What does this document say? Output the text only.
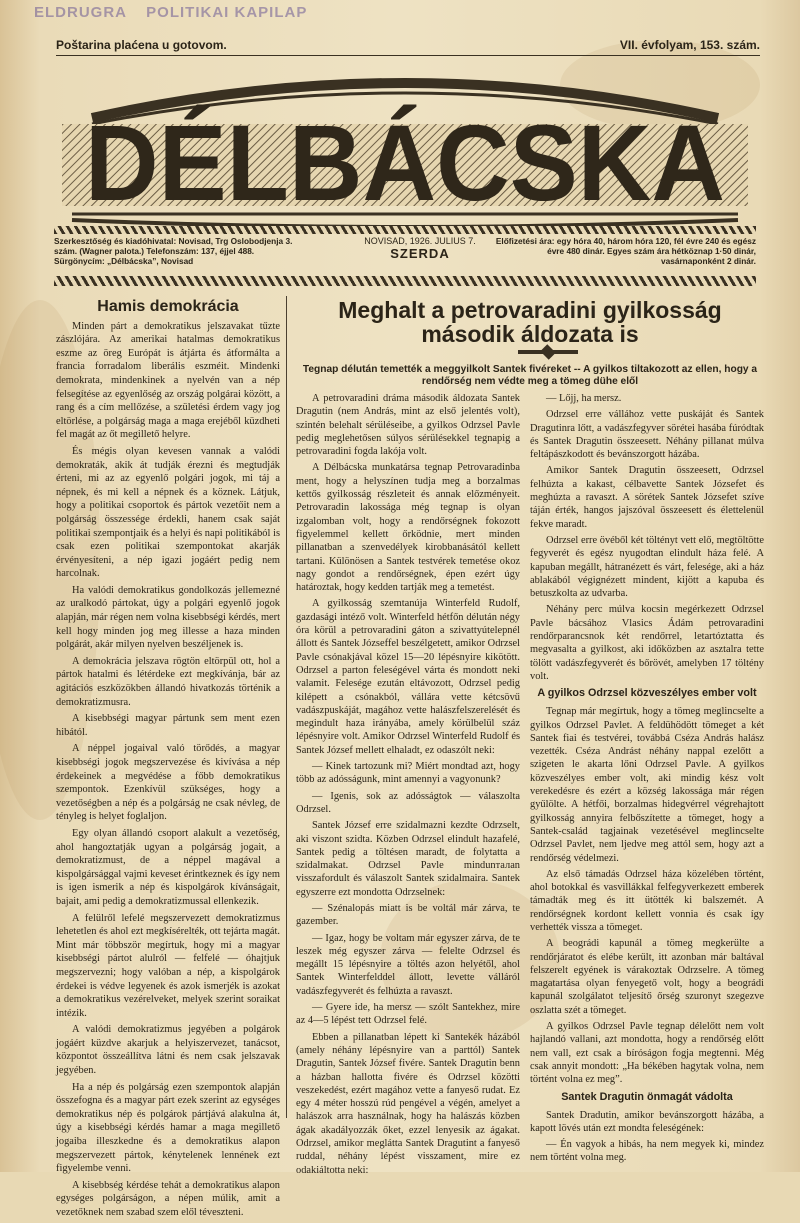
ELDRUGRA POLITIKAI KAPILAP
Poštarina plaćena u gotovom.	VII. évfolyam, 153. szám.
DÉLBÁCSKA
Szerkesztőség és kiadóhivatal: Novisad, Trg Oslobodjenja 3. szám. (Wagner palota.) Telefonszám: 137, éjjel 488. Sürgönycím: „Délbácska”, Novisad
NOVISAD, 1926. JULIUS 7.
SZERDA
Előfizetési ára: egy hóra 40, három hóra 120, fél évre 240 és egész évre 480 dinár. Egyes szám ára hétköznap 1·50 dinár, vasárnaponként 2 dinár.
Hamis demokrácia

Minden párt a demokratikus jelszavakat tűzte zászlójára. Az amerikai hatalmas demokratikus eszme az öreg Európát is átjárta és átformálta a francia forradalom liberális eszméit. Mindenki demokrata, mindenkinek a nyelvén van a nép felsegítése az egyenlőség az ország polgárai között, a rang és a cím mellőzése, a születési érdem vagy jog eltörlése, a polgárság maga a maga erejéből küzdheti fel magát az őt megillető helyre.

És mégis olyan kevesen vannak a valódi demokraták, akik át tudják érezni és megtudják érteni, mi az az egyenlő polgári jogok, mi táj a népnek, és mi kell a népnek és a köznek. Látjuk, hogy a politikai csoportok és pártok vezetőit nem a polgárság összessége érdekli, hanem csak saját politikai szempontjaik és a helyi és napi politikából is csak ezen politikai szempontokat akarják érvényesíteni, a nép igazi jogáért pedig nem harcolnak.

Ha valódi demokratikus gondolkozás jellemezné az uralkodó pártokat, úgy a polgári egyenlő jogok alapján, már régen nem volna kisebbségi kérdés, mert kell hogy minden jog meg illesse a haza minden polgárát, akár milyen nyelven beszéljenek is.

A demokrácia jelszava rögtön eltörpül ott, hol a pártok hatalmi és létérdeke ezt megkívánja, bár az agitációs eszközökben állandó hivatkozás történik a demokratizmusra.

A kisebbségi magyar pártunk sem ment ezen hibától.

A néppel jogaival való törődés, a magyar kisebbségi jogok megszervezése és kivívása a nép érdekeinek a megvédése a főbb demokratikus szempontok. Ezenkívül szükséges, hogy a vezetőségben a nép és a polgárság ne csak névleg, de tényleg is helyet foglaljon.

Egy olyan állandó csoport alakult a vezetőség, ahol hangoztatják ugyan a polgárság jogait, a demokratizmust, de a néppel magával a kispolgársággal vajmi keveset érintkeznek és így nem is igen ismerik a nép és kispolgárok kívánságait, bajait, ami pedig a demokratizmussal ellenkezik.

A felülről lefelé megszervezett demokratizmus lehetetlen és ahol ezt megkísérelték, ott tejárta magát. Mint már többször megírtuk, hogy mi a magyar kisebbségi pártot alulról — felfelé — óhajtjuk megszervezni; hogy valóban a nép, a kispolgárok érdekei is védve legyenek és azok ismerjék is azokat a demokratikus vezérelveket, melyek szerint soraikat intézik.

A valódi demokratizmus jegyében a polgárok jogáért küzdve akarjuk a helyiszervezet, tanácsot, központot összeállítva látni és nem csak jelszavak jegyében.

Ha a nép és polgárság ezen szempontok alapján összefogna és a magyar párt ezek szerint az egységes demokratikus nép és polgárok pártjává alakulna át, úgy a kisebbségi kérdés hamar a maga megillető jogaiba illeszkedne és a demokratikus alapon megszervezett pártok, kénytelenek lennének ezt figyelembe venni.

A kisebbség kérdése tehát a demokratikus alapon egységes polgárságon, a népen múlik, amit a vezetőknek nem szabad szem elől téveszteni.

Meghalt a petrovaradini gyilkosság
második áldozata is
Tegnap délután temették a meggyilkolt Santek fivéreket -- A gyilkos tiltakozott az ellen, hogy a rendőrség nem védte meg a tömeg dühe elől

A petrovaradini dráma második áldozata Santek Dragutin (nem András, mint az első jelentés volt), szintén belehalt sérüléseibe, a gyilkos Odrzsel Pavle pedig meglehetősen súlyos sérülésekkel tegnapig a petrovaradini fogda lakója volt.

A Délbácska munkatársa tegnap Petrovaradinba ment, hogy a helyszínen tudja meg a borzalmas kettős gyilkosság részleteit és annak előzményeit. Petrovaradin lakossága még tegnap is olyan izgalomban volt, hogy a rendőrségnek fokozott figyelemmel kellett őrködnie, mert minden pillanatban a szenvedélyek kirobbanásától kellett tartani. Különösen a Santek testvérek temetése okoz nagy gondot a rendőrségnek, épen ezért úgy határoztak, hogy kedden tartják meg a temetést.

A gyilkosság szemtanúja Winterfeld Rudolf, gazdasági intéző volt. Winterfeld hétfőn délután négy óra körül a petrovaradini gáton a szivattyútelepnél állott és Santek Józseffel beszélgetett, amikor Odrzsel Pavle csónakjával közel 15—20 lépésnyire kikötött. Odrzsel a parton feleségével várta és mondott neki valamit. Felesége ezután eltávozott, Odrzsel pedig kilépett a csónakból, vállára vette kétcsövű vadászpuskáját, magához vette halászfelszerelését és megindult haza irányába, amely körülbelül száz lépésnyire volt. Amikor Odrzsel Winterfeld Rudolf és Santek József mellett elhaladt, ez odaszólt neki:

— Kinek tartozunk mi? Miért mondtad azt, hogy több az adósságunk, mint amennyi a vagyonunk?

— Igenis, sok az adósságtok — válaszolta Odrzsel.

Santek József erre szidalmazni kezdte Odrzselt, aki viszont szidta. Közben Odrzsel elindult hazafelé, Santek pedig a töltésen maradt, de folytatta a szidalmakat. Odrzsel Pavle mindunталan visszafordult és válaszolt Santek szidalmaira. Santek egyszerre ezt mondotta Odrzselnek:

— Szénalopás miatt is be voltál már zárva, te gazember.

— Igaz, hogy be voltam már egyszer zárva, de te leszek még egyszer zárva — felelte Odrzsel és megállt 15 lépésnyire a töltés azon helyétől, ahol Santek Winterfelddel állott, levette válláról vadászfegyverét és felhúzta a ravaszt.

— Gyere ide, ha mersz — szólt Santekhez, mire az 4—5 lépést tett Odrzsel felé.

Ebben a pillanatban lépett ki Santekék házából (amely néhány lépésnyire van a parttól) Santek Dragutin, Santek József fivére. Santek Dragutin benn a házban hallotta fivére és Odrzsel közötti veszekedést, ezért magához vette a fanyeső rudat. Ez egy 4 méter hosszú rúd pengével a végén, amelyet a halászok arra használnak, hogy ha halászás közben ágak akadályozzák őket, ezzel lenyesik az ágakat. Odrzsel, amikor meglátta Santek Dragutint a fanyeső ruddal, néhány lépést visszament, mire ez odakiáltotta neki:

— Lőjj, ha mersz.

Odrzsel erre vállához vette puskáját és Santek Dragutinra lőtt, a vadászfegyver sörétei hasába fúródtak és Santek Dragutin összeesett. Néhány pillanat múlva feltápászkodott és bevánszorgott házába.

Amikor Santek Dragutin összeesett, Odrzsel felhúzta a kakast, célbavette Santek Józsefet és meghúzta a ravaszt. A sörétek Santek Józsefet szíve táján érték, hangos jajszóval összeesett és élettelenül fekve maradt.

Odrzsel erre övéből két töltényt vett elő, megtöltötte fegyverét és egész nyugodtan elindult háza felé. A kapuban megállt, hátranézett és várt, felesége, aki a ház ablakából végignézett mindent, kijött a kapuba és betuszkolta az udvarba.

Néhány perc múlva kocsin megérkezett Odrzsel Pavle bácsához Vlasics Ádám petrovaradini rendőrparancsnok két rendőrrel, letartóztatta és megvasalta a gyilkost, aki időközben az asztalra tette tölött vadászfegyverét és bőrövét, amelyben 17 töltény volt.

A gyilkos Odrzsel közveszélyes ember volt

Tegnap már megírtuk, hogy a tömeg meglincselte a gyilkos Odrzsel Pavlet. A feldühödött tömeget a két Santek fiai és testvérei, továbbá Cséza András halász vezették. Cséza Andrást néhány nappal ezelőtt a szigeten le akarta lőni Odrzsel Pavle. A gyilkos közveszélyes ember volt, aki mindig kész volt verekedésre és ezért a község lakossága már régen gyűlölte. A hétfői, borzalmas hidegvérrel végrehajtott gyilkosság annyira felbőszítette a tömeget, hogy a Santek-család tagjainak vezetésével meglincselte Odrzsel Pavlet, nem ljedve meg attól sem, hogy azt a rendőrség védelmezi.

Az első támadás Odrzsel háza közelében történt, ahol botokkal és vasvillákkal felfegyverkezett emberek támadták meg és itt ütötték ki balszemét. A rendőrségnek kordont kellett vonnia és csak így verhették vissza a tömeget.

A beográdi kapunál a tömeg megkerülte a rendőrjáratot és elébe került, itt azonban már baltával felszerelt egyének is várakoztak Odrzselre. A tömeg magatartása olyan fenyegető volt, hogy a beográdi kapunál szolgálatot teljesítő őrség szuronyt szegezve oszlatta szét a tömeget.

A gyilkos Odrzsel Pavle tegnap délelőtt nem volt hajlandó vallani, azt mondotta, hogy a rendőrség előtt nem vall, ezt csak a bíróságon fogja megtenni. Még csak annyit mondott: „Ha békében hagytak volna, nem történt volna ez meg”.

Santek Dragutin önmagát vádolta

Santek Dradutin, amikor bevánszorgott házába, a kapott lövés után ezt mondta feleségének:

— Én vagyok a hibás, ha nem megyek ki, mindez nem történt volna meg.
